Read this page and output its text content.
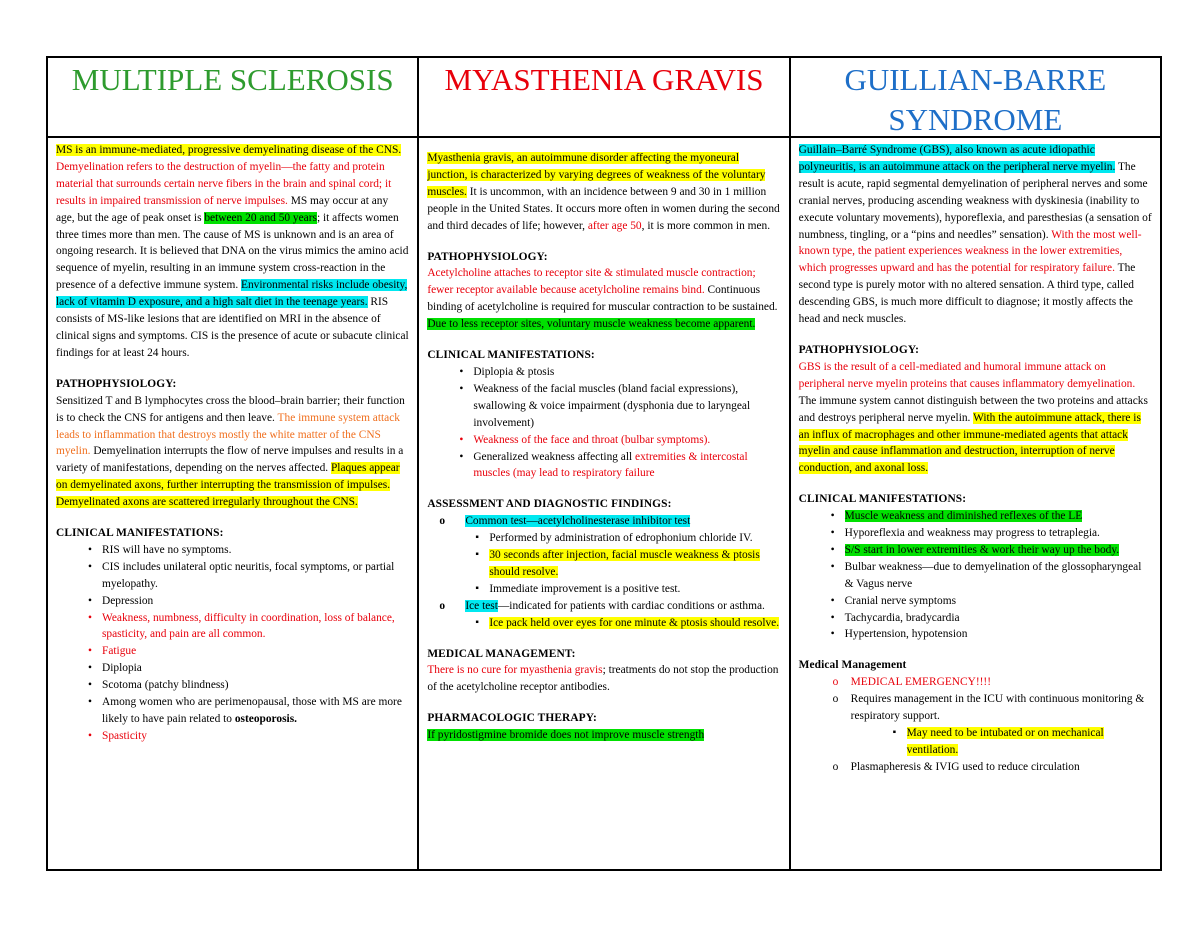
MULTIPLE SCLEROSIS

MS is an immune-mediated, progressive demyelinating disease of the CNS. Demyelination refers to the destruction of myelin—the fatty and protein material that surrounds certain nerve fibers in the brain and spinal cord; it results in impaired transmission of nerve impulses. MS may occur at any age, but the age of peak onset is between 20 and 50 years; it affects women three times more than men. The cause of MS is unknown and is an area of ongoing research. It is believed that DNA on the virus mimics the amino acid sequence of myelin, resulting in an immune system cross-reaction in the presence of a defective immune system. Environmental risks include obesity, lack of vitamin D exposure, and a high salt diet in the teenage years. RIS consists of MS-like lesions that are identified on MRI in the absence of clinical signs and symptoms. CIS is the presence of acute or subacute clinical findings for at least 24 hours.

PATHOPHYSIOLOGY:

Sensitized T and B lymphocytes cross the blood–brain barrier; their function is to check the CNS for antigens and then leave. The immune system attack leads to inflammation that destroys mostly the white matter of the CNS myelin. Demyelination interrupts the flow of nerve impulses and results in a variety of manifestations, depending on the nerves affected. Plaques appear on demyelinated axons, further interrupting the transmission of impulses. Demyelinated axons are scattered irregularly throughout the CNS.

CLINICAL MANIFESTATIONS:

• RIS will have no symptoms.
• CIS includes unilateral optic neuritis, focal symptoms, or partial myelopathy.
• Depression
• Weakness, numbness, difficulty in coordination, loss of balance, spasticity, and pain are all common.
• Fatigue
• Diplopia
• Scotoma (patchy blindness)
• Among women who are perimenopausal, those with MS are more likely to have pain related to osteoporosis.
• Spasticity
MYASTHENIA GRAVIS

Myasthenia gravis, an autoimmune disorder affecting the myoneural junction, is characterized by varying degrees of weakness of the voluntary muscles. It is uncommon, with an incidence between 9 and 30 in 1 million people in the United States. It occurs more often in women during the second and third decades of life; however, after age 50, it is more common in men.

PATHOPHYSIOLOGY:

Acetylcholine attaches to receptor site & stimulated muscle contraction; fewer receptor available because acetylcholine remains bind. Continuous binding of acetylcholine is required for muscular contraction to be sustained. Due to less receptor sites, voluntary muscle weakness become apparent.

CLINICAL MANIFESTATIONS:

• Diplopia & ptosis
• Weakness of the facial muscles (bland facial expressions), swallowing & voice impairment (dysphonia due to laryngeal involvement)
• Weakness of the face and throat (bulbar symptoms).
• Generalized weakness affecting all extremities & intercostal muscles (may lead to respiratory failure

ASSESSMENT AND DIAGNOSTIC FINDINGS:

o Common test—acetylcholinesterase inhibitor test
▪ Performed by administration of edrophonium chloride IV.
▪ 30 seconds after injection, facial muscle weakness & ptosis should resolve.
▪ Immediate improvement is a positive test.
o Ice test—indicated for patients with cardiac conditions or asthma.
▪ Ice pack held over eyes for one minute & ptosis should resolve.

MEDICAL MANAGEMENT:

There is no cure for myasthenia gravis; treatments do not stop the production of the acetylcholine receptor antibodies.

PHARMACOLOGIC THERAPY:

If pyridostigmine bromide does not improve muscle strength

GUILLIAN-BARRE SYNDROME

Guillain–Barré Syndrome (GBS), also known as acute idiopathic polyneuritis, is an autoimmune attack on the peripheral nerve myelin. The result is acute, rapid segmental demyelination of peripheral nerves and some cranial nerves, producing ascending weakness with dyskinesia (inability to execute voluntary movements), hyporeflexia, and paresthesias (a sensation of numbness, tingling, or a “pins and needles” sensation). With the most well-known type, the patient experiences weakness in the lower extremities, which progresses upward and has the potential for respiratory failure. The second type is purely motor with no altered sensation. A third type, called descending GBS, is much more difficult to diagnose; it mostly affects the head and neck muscles.

PATHOPHYSIOLOGY:

GBS is the result of a cell-mediated and humoral immune attack on peripheral nerve myelin proteins that causes inflammatory demyelination. The immune system cannot distinguish between the two proteins and attacks and destroys peripheral nerve myelin. With the autoimmune attack, there is an influx of macrophages and other immune-mediated agents that attack myelin and cause inflammation and destruction, interruption of nerve conduction, and axonal loss.

CLINICAL MANIFESTATIONS:

• Muscle weakness and diminished reflexes of the LE
• Hyporeflexia and weakness may progress to tetraplegia.
• S/S start in lower extremities & work their way up the body.
• Bulbar weakness—due to demyelination of the glossopharyngeal & Vagus nerve
• Cranial nerve symptoms
• Tachycardia, bradycardia
• Hypertension, hypotension

Medical Management

o MEDICAL EMERGENCY!!!!
o Requires management in the ICU with continuous monitoring & respiratory support.
▪ May need to be intubated or on mechanical ventilation.
o Plasmapheresis & IVIG used to reduce circulation
